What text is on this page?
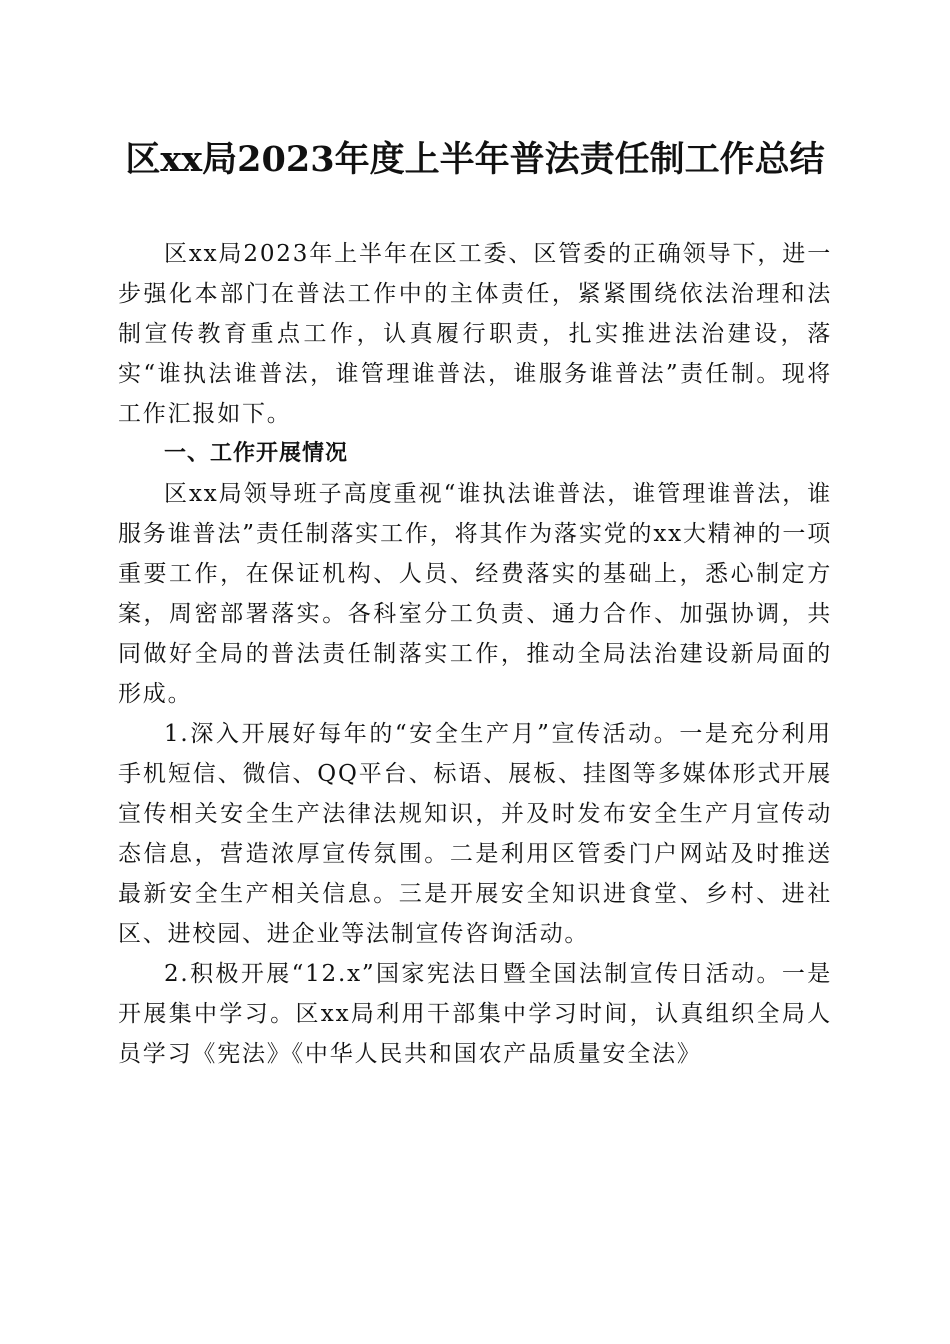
区xx局2023年度上半年普法责任制工作总结

区xx局2023年上半年在区工委、区管委的正确领导下，进一步强化本部门在普法工作中的主体责任，紧紧围绕依法治理和法制宣传教育重点工作，认真履行职责，扎实推进法治建设，落实“谁执法谁普法，谁管理谁普法，谁服务谁普法”责任制。现将工作汇报如下。

一、工作开展情况

区xx局领导班子高度重视“谁执法谁普法，谁管理谁普法，谁服务谁普法”责任制落实工作，将其作为落实党的xx大精神的一项重要工作，在保证机构、人员、经费落实的基础上，悉心制定方案，周密部署落实。各科室分工负责、通力合作、加强协调，共同做好全局的普法责任制落实工作，推动全局法治建设新局面的形成。

1.深入开展好每年的“安全生产月”宣传活动。一是充分利用手机短信、微信、QQ平台、标语、展板、挂图等多媒体形式开展宣传相关安全生产法律法规知识，并及时发布安全生产月宣传动态信息，营造浓厚宣传氛围。二是利用区管委门户网站及时推送最新安全生产相关信息。三是开展安全知识进食堂、乡村、进社区、进校园、进企业等法制宣传咨询活动。

2.积极开展“12.x”国家宪法日暨全国法制宣传日活动。一是开展集中学习。区xx局利用干部集中学习时间，认真组织全局人员学习《宪法》《中华人民共和国农产品质量安全法》
